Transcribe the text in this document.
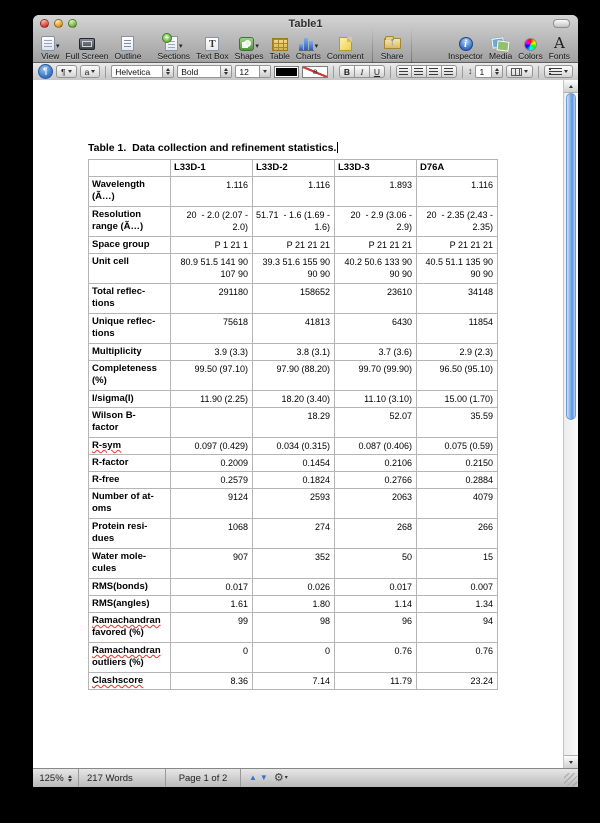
Table1
▾
View Full Screen Outline
+
▾
Sections
T Text Box
▾
Shapes Table
▾
Charts Comment
↑ Share
i	Inspector Media Colors
A Fonts
¶	¶ a	Helvetica	Bold	12	a	B I U	↕ 1
Table 1.  Data collection and refinement statistics.
	L33D-1	L33D-2	L33D-3	D76A
Wavelength
(Ã…)	1.116	1.116	1.893	1.116
Resolution
range (Ã…)	20  - 2.0 (2.07 - 2.0)	51.71  - 1.6 (1.69 - 1.6)	20  - 2.9 (3.06 - 2.9)	20  - 2.35 (2.43 - 2.35)
Space group	P 1 21 1	P 21 21 21	P 21 21 21	P 21 21 21
Unit cell	80.9 51.5 141 90 107 90	39.3 51.6 155 90 90 90	40.2 50.6 133 90 90 90	40.5 51.1 135 90 90 90
Total reflec-
tions	291180	158652	23610	34148
Unique reflec-
tions	75618	41813	6430	11854
Multiplicity	3.9 (3.3)	3.8 (3.1)	3.7 (3.6)	2.9 (2.3)
Completeness
(%)	99.50 (97.10)	97.90 (88.20)	99.70 (99.90)	96.50 (95.10)
I/sigma(I)	11.90 (2.25)	18.20 (3.40)	11.10 (3.10)	15.00 (1.70)
Wilson B-
factor		18.29	52.07	35.59
R-sym	0.097 (0.429)	0.034 (0.315)	0.087 (0.406)	0.075 (0.59)
R-factor	0.2009	0.1454	0.2106	0.2150
R-free	0.2579	0.1824	0.2766	0.2884
Number of at-
oms	9124	2593	2063	4079
Protein resi-
dues	1068	274	268	266
Water mole-
cules	907	352	50	15
RMS(bonds)	0.017	0.026	0.017	0.007
RMS(angles)	1.61	1.80	1.14	1.34
Ramachandran
favored (%)	99	98	96	94
Ramachandran
outliers (%)	0	0	0.76	0.76
Clashscore	8.36	7.14	11.79	23.24
125%	217 Words	Page 1 of 2	▲ ▼ ⚙ ▾
